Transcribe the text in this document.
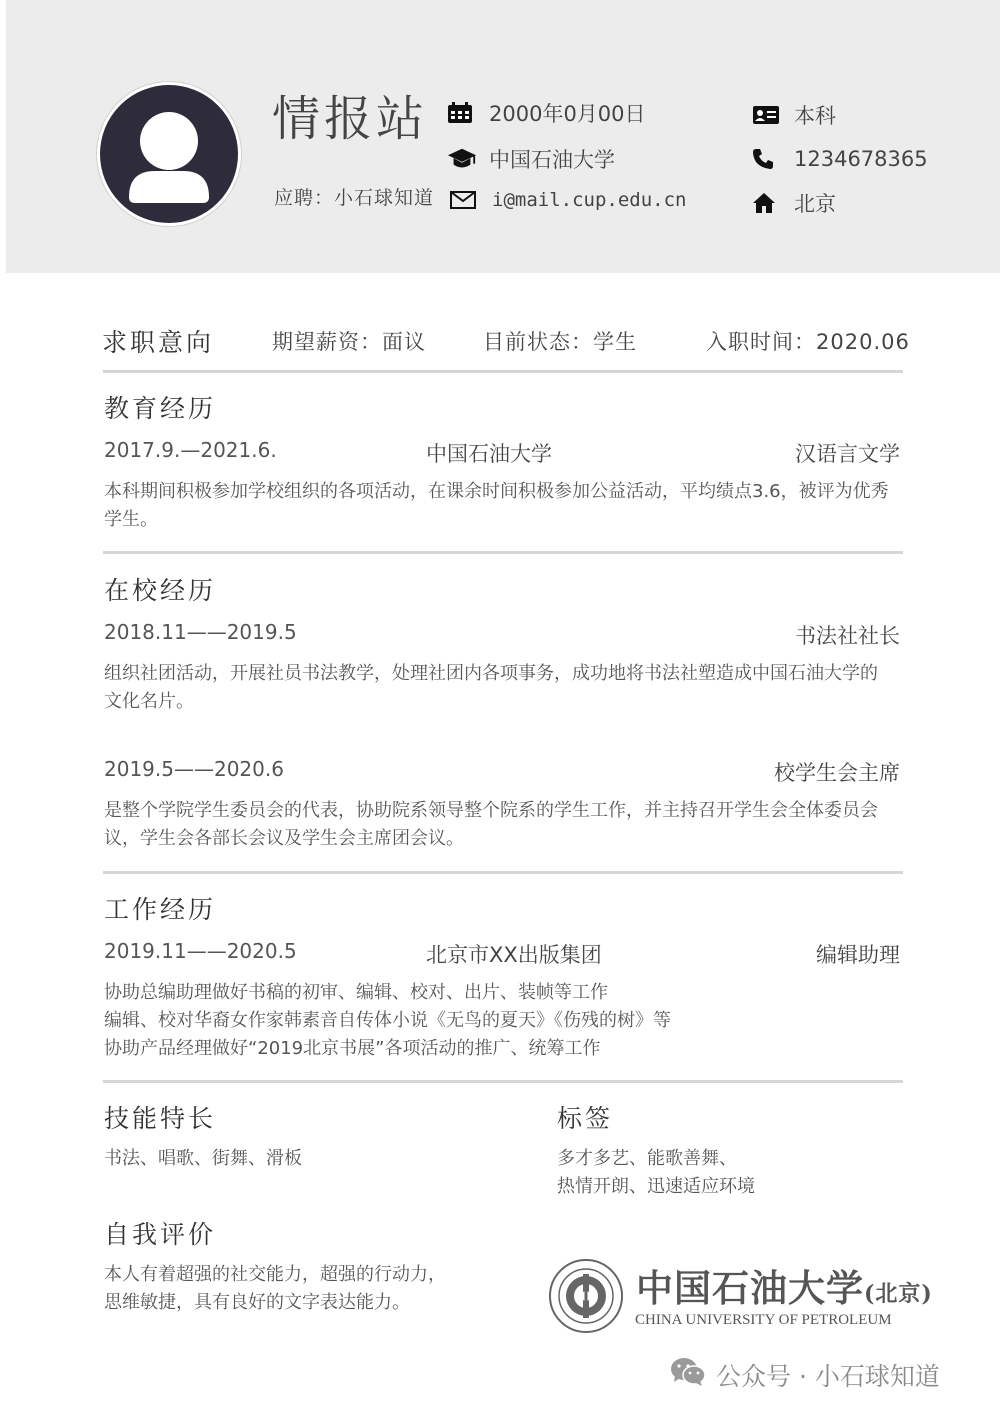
情报站
应聘：小石球知道
2000年0月00日
中国石油大学
i@mail.cup.edu.cn
本科
1234678365
北京
求职意向	期望薪资：面议	目前状态：学生	入职时间：2020.06
教育经历
2017.9.—2021.6.	中国石油大学	汉语言文学
本科期间积极参加学校组织的各项活动，在课余时间积极参加公益活动，平均绩点3.6，被评为优秀学生。
在校经历
2018.11——2019.5	书法社社长
组织社团活动，开展社员书法教学，处理社团内各项事务，成功地将书法社塑造成中国石油大学的文化名片。
2019.5——2020.6	校学生会主席
是整个学院学生委员会的代表，协助院系领导整个院系的学生工作，并主持召开学生会全体委员会议，学生会各部长会议及学生会主席团会议。
工作经历
2019.11——2020.5	北京市XX出版集团	编辑助理
协助总编助理做好书稿的初审、编辑、校对、出片、装帧等工作
编辑、校对华裔女作家韩素音自传体小说《无鸟的夏天》《伤残的树》等
协助产品经理做好“2019北京书展”各项活动的推广、统筹工作
技能特长
书法、唱歌、街舞、滑板
标签
多才多艺、能歌善舞、
热情开朗、迅速适应环境
自我评价
本人有着超强的社交能力，超强的行动力，
思维敏捷，具有良好的文字表达能力。	中国石油大学(北京)
CHINA UNIVERSITY OF PETROLEUM
公众号 · 小石球知道
